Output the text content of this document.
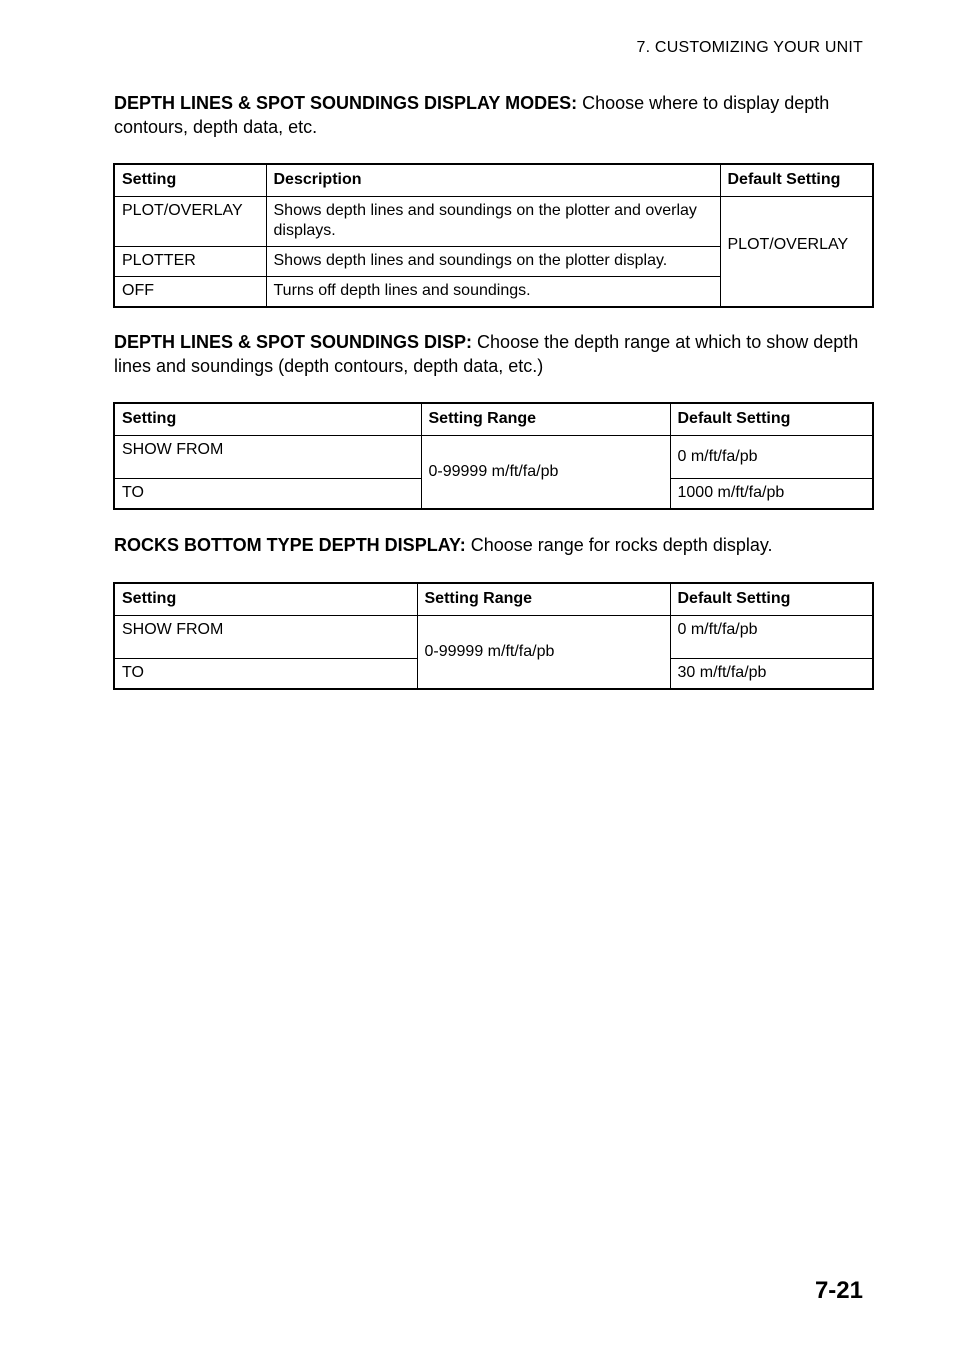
7. CUSTOMIZING YOUR UNIT
DEPTH LINES & SPOT SOUNDINGS DISPLAY MODES: Choose where to display depth contours, depth data, etc.
Setting	Description	Default Setting
PLOT/OVERLAY	Shows depth lines and soundings on the plotter and overlay displays.	PLOT/OVERLAY
PLOTTER	Shows depth lines and soundings on the plotter display.	
OFF	Turns off depth lines and soundings.	
DEPTH LINES & SPOT SOUNDINGS DISP: Choose the depth range at which to show depth lines and soundings (depth contours, depth data, etc.)
Setting	Setting Range	Default Setting
SHOW FROM	0-99999 m/ft/fa/pb	0 m/ft/fa/pb
TO		1000 m/ft/fa/pb
ROCKS BOTTOM TYPE DEPTH DISPLAY: Choose range for rocks depth display.
Setting	Setting Range	Default Setting
SHOW FROM	0-99999 m/ft/fa/pb	0 m/ft/fa/pb
TO		30 m/ft/fa/pb
7-21
